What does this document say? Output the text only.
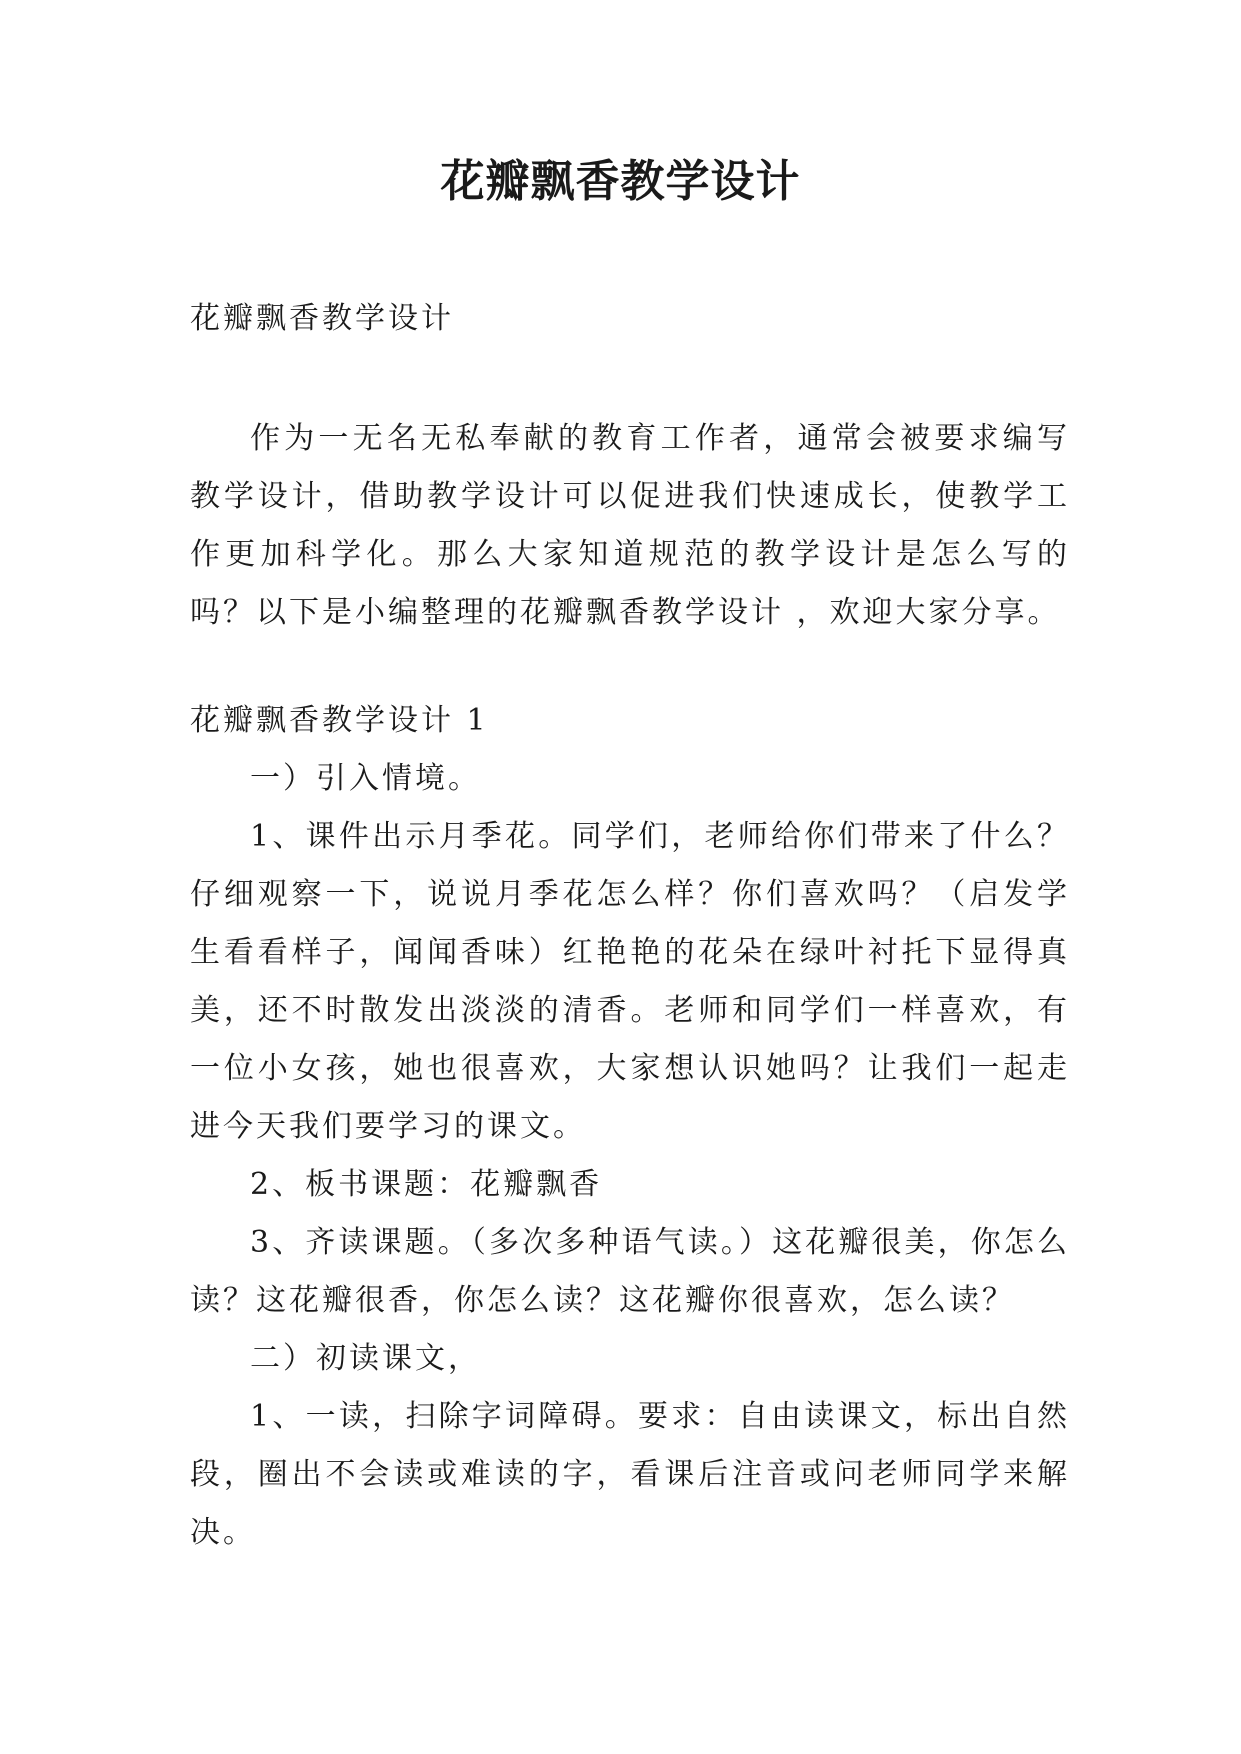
花瓣飘香教学设计

花瓣飘香教学设计

作为一无名无私奉献的教育工作者，通常会被要求编写教学设计，借助教学设计可以促进我们快速成长，使教学工作更加科学化。那么大家知道规范的教学设计是怎么写的吗？以下是小编整理的花瓣飘香教学设计 ，欢迎大家分享。

花瓣飘香教学设计 1

一）引入情境。

1、课件出示月季花。同学们，老师给你们带来了什么？仔细观察一下，说说月季花怎么样？你们喜欢吗？（启发学生看看样子，闻闻香味）红艳艳的花朵在绿叶衬托下显得真美，还不时散发出淡淡的清香。老师和同学们一样喜欢，有一位小女孩，她也很喜欢，大家想认识她吗？让我们一起走进今天我们要学习的课文。

2、板书课题：花瓣飘香

3、齐读课题。（多次多种语气读。）这花瓣很美，你怎么读？这花瓣很香，你怎么读？这花瓣你很喜欢，怎么读？

二）初读课文，

1、一读，扫除字词障碍。要求：自由读课文，标出自然段，圈出不会读或难读的字，看课后注音或问老师同学来解决。
